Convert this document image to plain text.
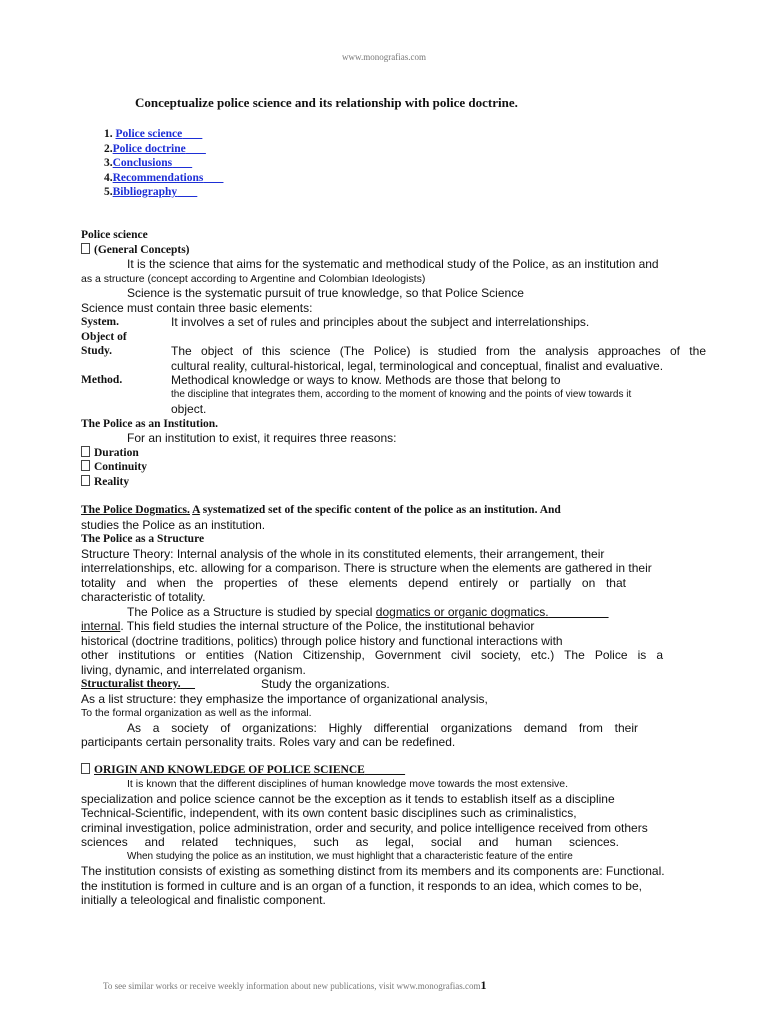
www.monografias.com
Conceptualize police science and its relationship with police doctrine.
1. Police science
2.Police doctrine
3.Conclusions
4.Recommendations
5.Bibliography
Police science
(General Concepts)
It is the science that aims for the systematic and methodical study of the Police, as an institution and
as a structure (concept according to Argentine and Colombian Ideologists)
Science is the systematic pursuit of true knowledge, so that Police Science
Science must contain three basic elements:
System.	It involves a set of rules and principles about the subject and interrelationships.
Object of
Study.	The object of this science (The Police) is studied from the analysis approaches of the
cultural reality, cultural-historical, legal, terminological and conceptual, finalist and evaluative.
Method.	Methodical knowledge or ways to know. Methods are those that belong to
the discipline that integrates them, according to the moment of knowing and the points of view towards it
object.
The Police as an Institution.
For an institution to exist, it requires three reasons:
Duration
Continuity
Reality
The Police Dogmatics. A systematized set of the specific content of the police as an institution. And
studies the Police as an institution.
The Police as a Structure
Structure Theory: Internal analysis of the whole in its constituted elements, their arrangement, their
interrelationships, etc. allowing for a comparison. There is structure when the elements are gathered in their
totality and when the properties of these elements depend entirely or partially on that
characteristic of totality.
The Police as a Structure is studied by special dogmatics or organic dogmatics.
internal. This field studies the internal structure of the Police, the institutional behavior
historical (doctrine traditions, politics) through police history and functional interactions with
other institutions or entities (Nation Citizenship, Government civil society, etc.) The Police is a
living, dynamic, and interrelated organism.
Structuralist theory.	Study the organizations.
As a list structure: they emphasize the importance of organizational analysis,
To the formal organization as well as the informal.
As a society of organizations: Highly differential organizations demand from their
participants certain personality traits. Roles vary and can be redefined.
ORIGIN AND KNOWLEDGE OF POLICE SCIENCE
It is known that the different disciplines of human knowledge move towards the most extensive.
specialization and police science cannot be the exception as it tends to establish itself as a discipline
Technical-Scientific, independent, with its own content basic disciplines such as criminalistics,
criminal investigation, police administration, order and security, and police intelligence received from others
sciences and related techniques, such as legal, social and human sciences.
When studying the police as an institution, we must highlight that a characteristic feature of the entire
The institution consists of existing as something distinct from its members and its components are: Functional.
the institution is formed in culture and is an organ of a function, it responds to an idea, which comes to be,
initially a teleological and finalistic component.
To see similar works or receive weekly information about new publications, visit www.monografias.com1
